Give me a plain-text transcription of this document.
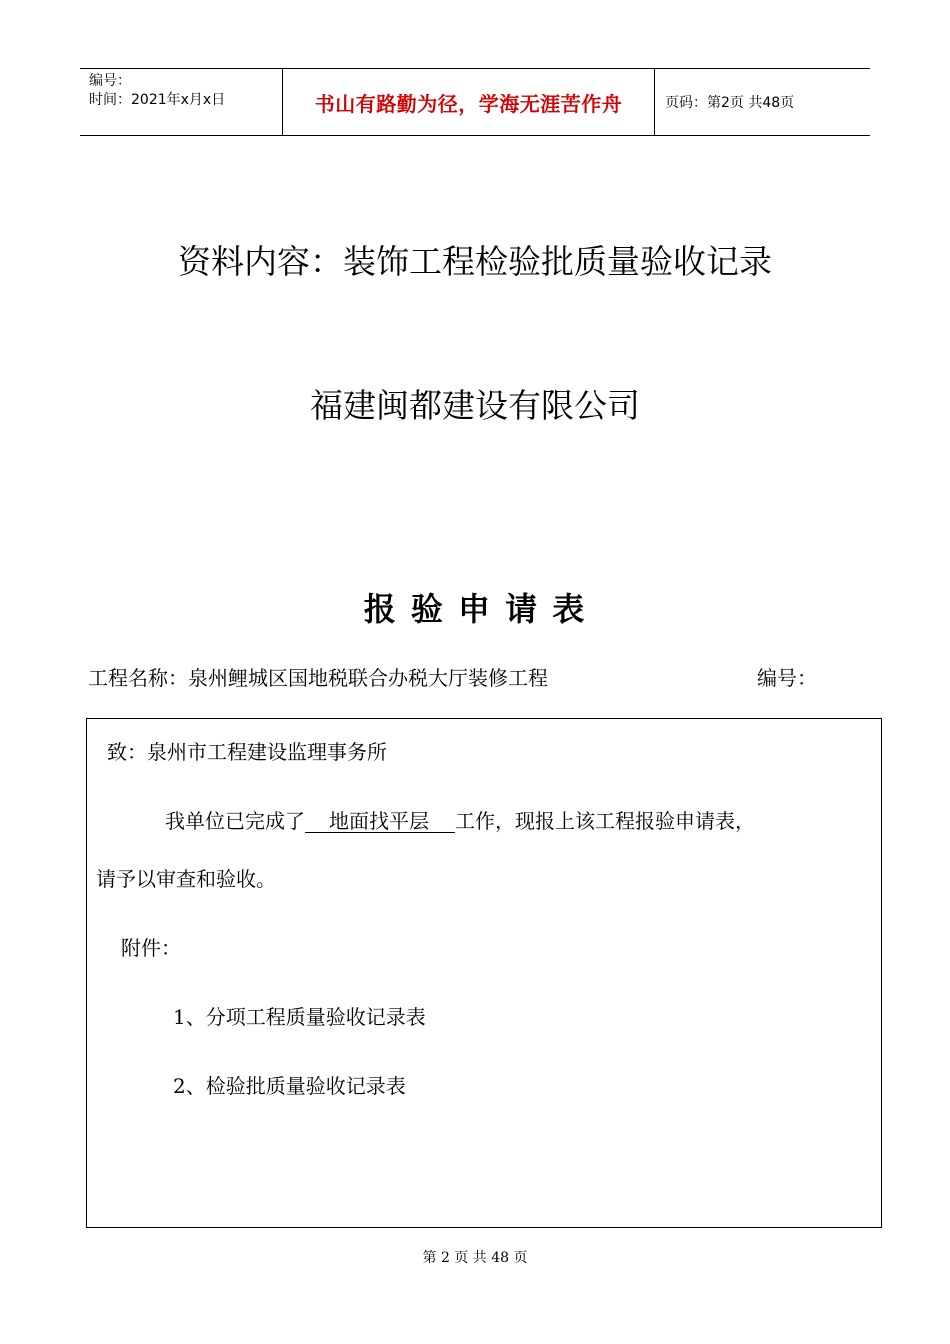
编号：
时间：2021年x月x日	书山有路勤为径，学海无涯苦作舟	页码：第2页 共48页
资料内容：装饰工程检验批质量验收记录
福建闽都建设有限公司
报 验 申 请 表
工程名称：泉州鲤城区国地税联合办税大厅装修工程	编号：
致：泉州市工程建设监理事务所
我单位已完成了 地面找平层 工作，现报上该工程报验申请表，
请予以审查和验收。
附件：
1、分项工程质量验收记录表
2、检验批质量验收记录表
第 2 页 共 48 页
